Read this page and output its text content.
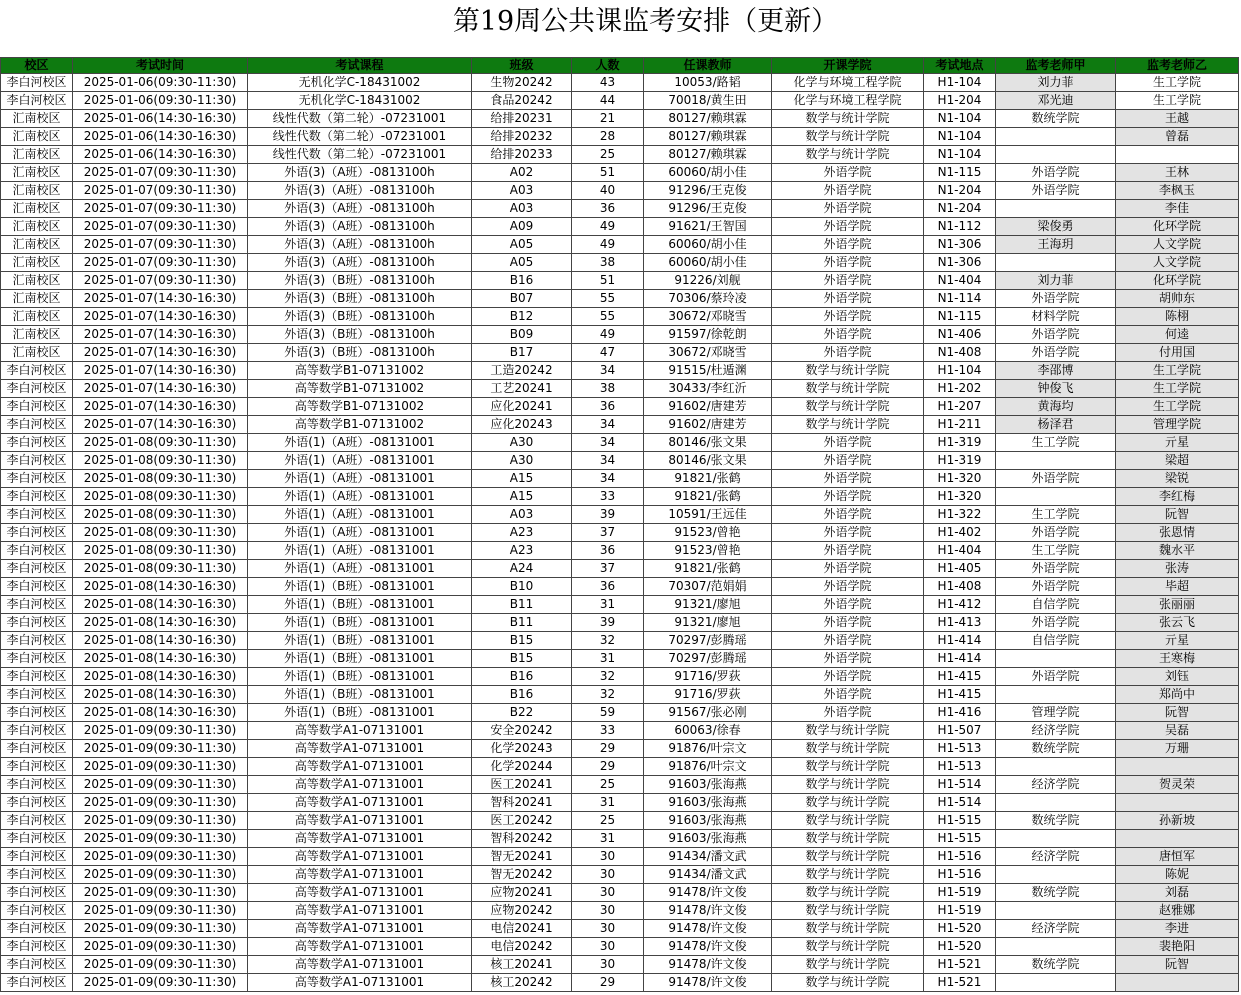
第19周公共课监考安排（更新）
校区	考试时间	考试课程	班级	人数	任课教师	开课学院	考试地点	监考老师甲	监考老师乙
李白河校区	2025-01-06(09:30-11:30)	无机化学C-18431002	生物20242	43	10053/路韬	化学与环境工程学院	H1-104	刘力菲	生工学院
李白河校区	2025-01-06(09:30-11:30)	无机化学C-18431002	食品20242	44	70018/黄生田	化学与环境工程学院	H1-204	邓光迪	生工学院
汇南校区	2025-01-06(14:30-16:30)	线性代数（第二轮）-07231001	给排20231	21	80127/赖琪霖	数学与统计学院	N1-104	数统学院	王越
汇南校区	2025-01-06(14:30-16:30)	线性代数（第二轮）-07231001	给排20232	28	80127/赖琪霖	数学与统计学院	N1-104		曾磊
汇南校区	2025-01-06(14:30-16:30)	线性代数（第二轮）-07231001	给排20233	25	80127/赖琪霖	数学与统计学院	N1-104		
汇南校区	2025-01-07(09:30-11:30)	外语(3)（A班）-0813100h	A02	51	60060/胡小佳	外语学院	N1-115	外语学院	王林
汇南校区	2025-01-07(09:30-11:30)	外语(3)（A班）-0813100h	A03	40	91296/王克俊	外语学院	N1-204	外语学院	李枫玉
汇南校区	2025-01-07(09:30-11:30)	外语(3)（A班）-0813100h	A03	36	91296/王克俊	外语学院	N1-204		李佳
汇南校区	2025-01-07(09:30-11:30)	外语(3)（A班）-0813100h	A09	49	91621/王智国	外语学院	N1-112	梁俊勇	化环学院
汇南校区	2025-01-07(09:30-11:30)	外语(3)（A班）-0813100h	A05	49	60060/胡小佳	外语学院	N1-306	王海玥	人文学院
汇南校区	2025-01-07(09:30-11:30)	外语(3)（A班）-0813100h	A05	38	60060/胡小佳	外语学院	N1-306		人文学院
汇南校区	2025-01-07(09:30-11:30)	外语(3)（B班）-0813100h	B16	51	91226/刘舰	外语学院	N1-404	刘力菲	化环学院
汇南校区	2025-01-07(14:30-16:30)	外语(3)（B班）-0813100h	B07	55	70306/蔡玲凌	外语学院	N1-114	外语学院	胡帅东
汇南校区	2025-01-07(14:30-16:30)	外语(3)（B班）-0813100h	B12	55	30672/邓晓雪	外语学院	N1-115	材料学院	陈栩
汇南校区	2025-01-07(14:30-16:30)	外语(3)（B班）-0813100h	B09	49	91597/徐乾朗	外语学院	N1-406	外语学院	何逵
汇南校区	2025-01-07(14:30-16:30)	外语(3)（B班）-0813100h	B17	47	30672/邓晓雪	外语学院	N1-408	外语学院	付用国
李白河校区	2025-01-07(14:30-16:30)	高等数学B1-07131002	工造20242	34	91515/杜遁渊	数学与统计学院	H1-104	李邵博	生工学院
李白河校区	2025-01-07(14:30-16:30)	高等数学B1-07131002	工艺20241	38	30433/李红沂	数学与统计学院	H1-202	钟俊飞	生工学院
李白河校区	2025-01-07(14:30-16:30)	高等数学B1-07131002	应化20241	36	91602/唐建芳	数学与统计学院	H1-207	黄海均	生工学院
李白河校区	2025-01-07(14:30-16:30)	高等数学B1-07131002	应化20243	34	91602/唐建芳	数学与统计学院	H1-211	杨泽君	管理学院
李白河校区	2025-01-08(09:30-11:30)	外语(1)（A班）-08131001	A30	34	80146/张文果	外语学院	H1-319	生工学院	亓星
李白河校区	2025-01-08(09:30-11:30)	外语(1)（A班）-08131001	A30	34	80146/张文果	外语学院	H1-319		梁超
李白河校区	2025-01-08(09:30-11:30)	外语(1)（A班）-08131001	A15	34	91821/张鹤	外语学院	H1-320	外语学院	梁锐
李白河校区	2025-01-08(09:30-11:30)	外语(1)（A班）-08131001	A15	33	91821/张鹤	外语学院	H1-320		李红梅
李白河校区	2025-01-08(09:30-11:30)	外语(1)（A班）-08131001	A03	39	10591/王远佳	外语学院	H1-322	生工学院	阮智
李白河校区	2025-01-08(09:30-11:30)	外语(1)（A班）-08131001	A23	37	91523/曾艳	外语学院	H1-402	外语学院	张恩情
李白河校区	2025-01-08(09:30-11:30)	外语(1)（A班）-08131001	A23	36	91523/曾艳	外语学院	H1-404	生工学院	魏水平
李白河校区	2025-01-08(09:30-11:30)	外语(1)（A班）-08131001	A24	37	91821/张鹤	外语学院	H1-405	外语学院	张涛
李白河校区	2025-01-08(14:30-16:30)	外语(1)（B班）-08131001	B10	36	70307/范娟娟	外语学院	H1-408	外语学院	毕超
李白河校区	2025-01-08(14:30-16:30)	外语(1)（B班）-08131001	B11	31	91321/廖旭	外语学院	H1-412	自信学院	张丽丽
李白河校区	2025-01-08(14:30-16:30)	外语(1)（B班）-08131001	B11	39	91321/廖旭	外语学院	H1-413	外语学院	张云飞
李白河校区	2025-01-08(14:30-16:30)	外语(1)（B班）-08131001	B15	32	70297/彭腾瑶	外语学院	H1-414	自信学院	亓星
李白河校区	2025-01-08(14:30-16:30)	外语(1)（B班）-08131001	B15	31	70297/彭腾瑶	外语学院	H1-414		王寒梅
李白河校区	2025-01-08(14:30-16:30)	外语(1)（B班）-08131001	B16	32	91716/罗荻	外语学院	H1-415	外语学院	刘钰
李白河校区	2025-01-08(14:30-16:30)	外语(1)（B班）-08131001	B16	32	91716/罗荻	外语学院	H1-415		郑尚中
李白河校区	2025-01-08(14:30-16:30)	外语(1)（B班）-08131001	B22	59	91567/张必刚	外语学院	H1-416	管理学院	阮智
李白河校区	2025-01-09(09:30-11:30)	高等数学A1-07131001	安全20242	33	60063/徐春	数学与统计学院	H1-507	经济学院	吴磊
李白河校区	2025-01-09(09:30-11:30)	高等数学A1-07131001	化学20243	29	91876/叶宗文	数学与统计学院	H1-513	数统学院	万珊
李白河校区	2025-01-09(09:30-11:30)	高等数学A1-07131001	化学20244	29	91876/叶宗文	数学与统计学院	H1-513		
李白河校区	2025-01-09(09:30-11:30)	高等数学A1-07131001	医工20241	25	91603/张海燕	数学与统计学院	H1-514	经济学院	贺灵荣
李白河校区	2025-01-09(09:30-11:30)	高等数学A1-07131001	智科20241	31	91603/张海燕	数学与统计学院	H1-514		
李白河校区	2025-01-09(09:30-11:30)	高等数学A1-07131001	医工20242	25	91603/张海燕	数学与统计学院	H1-515	数统学院	孙新坡
李白河校区	2025-01-09(09:30-11:30)	高等数学A1-07131001	智科20242	31	91603/张海燕	数学与统计学院	H1-515		
李白河校区	2025-01-09(09:30-11:30)	高等数学A1-07131001	智无20241	30	91434/潘文武	数学与统计学院	H1-516	经济学院	唐恒军
李白河校区	2025-01-09(09:30-11:30)	高等数学A1-07131001	智无20242	30	91434/潘文武	数学与统计学院	H1-516		陈妮
李白河校区	2025-01-09(09:30-11:30)	高等数学A1-07131001	应物20241	30	91478/许文俊	数学与统计学院	H1-519	数统学院	刘磊
李白河校区	2025-01-09(09:30-11:30)	高等数学A1-07131001	应物20242	30	91478/许文俊	数学与统计学院	H1-519		赵雅娜
李白河校区	2025-01-09(09:30-11:30)	高等数学A1-07131001	电信20241	30	91478/许文俊	数学与统计学院	H1-520	经济学院	李进
李白河校区	2025-01-09(09:30-11:30)	高等数学A1-07131001	电信20242	30	91478/许文俊	数学与统计学院	H1-520		裴艳阳
李白河校区	2025-01-09(09:30-11:30)	高等数学A1-07131001	核工20241	30	91478/许文俊	数学与统计学院	H1-521	数统学院	阮智
李白河校区	2025-01-09(09:30-11:30)	高等数学A1-07131001	核工20242	29	91478/许文俊	数学与统计学院	H1-521		
